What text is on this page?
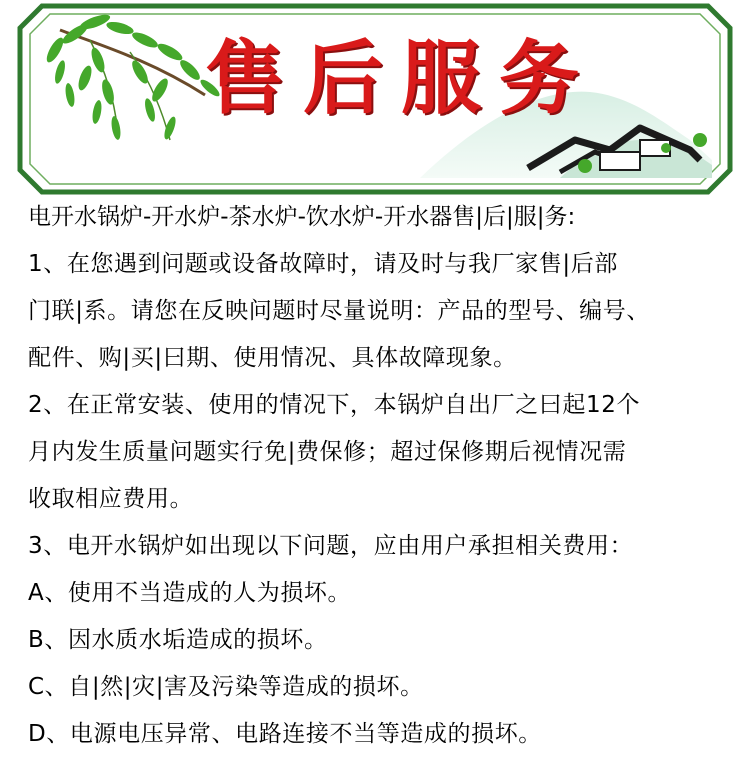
售后服务
电开水锅炉-开水炉-茶水炉-饮水炉-开水器售|后|服|务:
1、在您遇到问题或设备故障时，请及时与我厂家售|后部
门联|系。请您在反映问题时尽量说明：产品的型号、编号、
配件、购|买|曰期、使用情况、具体故障现象。
2、在正常安装、使用的情况下，本锅炉自出厂之曰起12个
月内发生质量问题实行免|费保修；超过保修期后视情况需
收取相应费用。
3、电开水锅炉如出现以下问题，应由用户承担相关费用：
A、使用不当造成的人为损坏。
B、因水质水垢造成的损坏。
C、自|然|灾|害及污染等造成的损坏。
D、电源电压异常、电路连接不当等造成的损坏。
